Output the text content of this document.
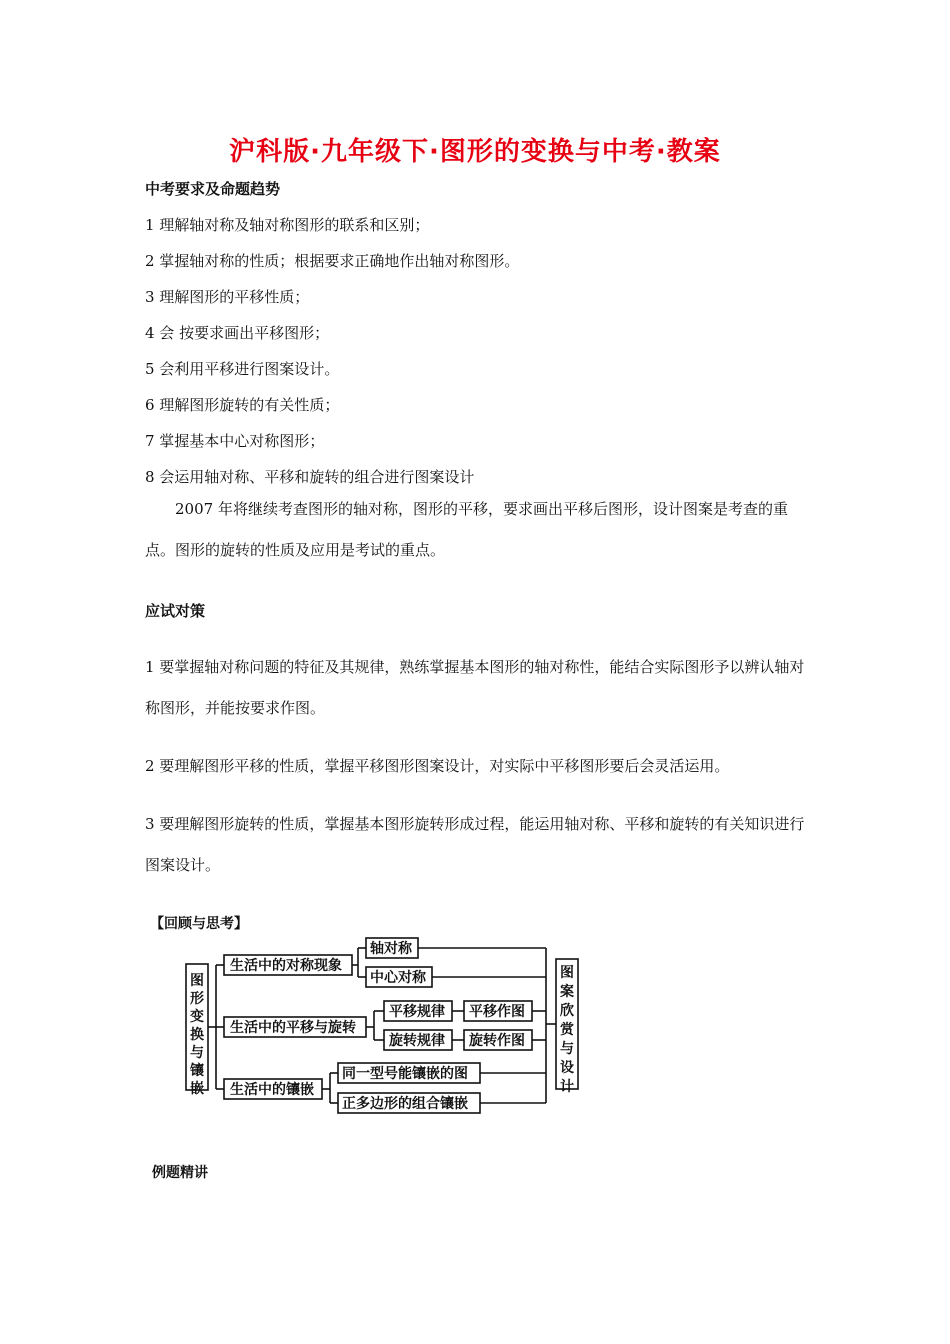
沪科版·九年级下·图形的变换与中考·教案
中考要求及命题趋势
1 理解轴对称及轴对称图形的联系和区别；
2 掌握轴对称的性质；根据要求正确地作出轴对称图形。
3 理解图形的平移性质；
4 会 按要求画出平移图形；
5 会利用平移进行图案设计。
6 理解图形旋转的有关性质；
7 掌握基本中心对称图形；
8 会运用轴对称、平移和旋转的组合进行图案设计
2007 年将继续考查图形的轴对称，图形的平移，要求画出平移后图形，设计图案是考查的重点。图形的旋转的性质及应用是考试的重点。
应试对策
1 要掌握轴对称问题的特征及其规律，熟练掌握基本图形的轴对称性，能结合实际图形予以辨认轴对称图形，并能按要求作图。
2 要理解图形平移的性质，掌握平移图形图案设计，对实际中平移图形要后会灵活运用。
3 要理解图形旋转的性质，掌握基本图形旋转形成过程，能运用轴对称、平移和旋转的有关知识进行图案设计。
【回顾与思考】
图
形
变
换
与
镶
嵌
图
案
欣
赏
与
设
计
生活中的对称现象
轴对称
中心对称
生活中的平移与旋转
平移规律
旋转规律
平移作图
旋转作图
生活中的镶嵌
同一型号能镶嵌的图
正多边形的组合镶嵌
例题精讲
